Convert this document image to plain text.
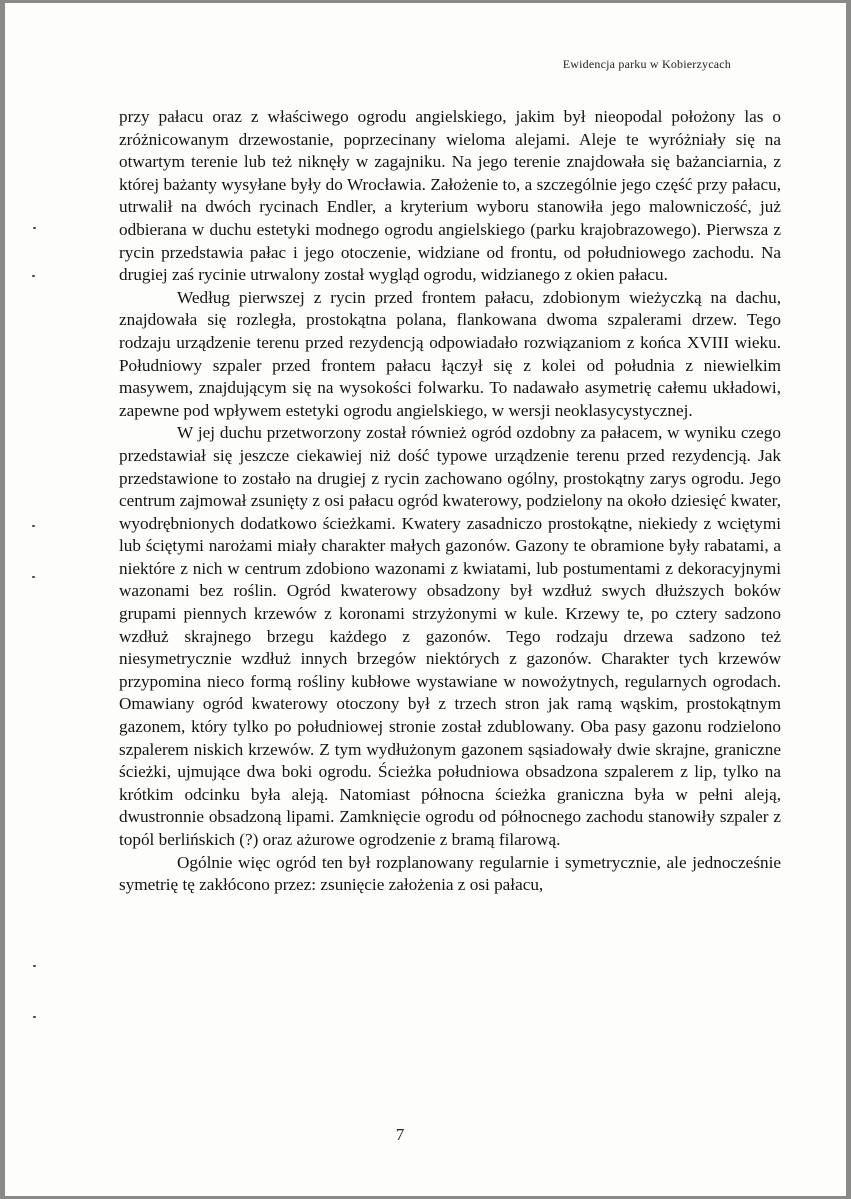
Ewidencja parku w Kobierzycach

przy pałacu oraz z właściwego ogrodu angielskiego, jakim był nieopodal położony las o zróżnicowanym drzewostanie, poprzecinany wieloma alejami. Aleje te wyróżniały się na otwartym terenie lub też niknęły w zagajniku. Na jego terenie znajdowała się bażanciarnia, z której bażanty wysyłane były do Wrocławia. Założenie to, a szczególnie jego część przy pałacu, utrwalił na dwóch rycinach Endler, a kryterium wyboru stanowiła jego malowniczość, już odbierana w duchu estetyki modnego ogrodu angielskiego (parku krajobrazowego). Pierwsza z rycin przedstawia pałac i jego otoczenie, widziane od frontu, od południowego zachodu. Na drugiej zaś rycinie utrwalony został wygląd ogrodu, widzianego z okien pałacu.

Według pierwszej z rycin przed frontem pałacu, zdobionym wieżyczką na dachu, znajdowała się rozległa, prostokątna polana, flankowana dwoma szpalerami drzew. Tego rodzaju urządzenie terenu przed rezydencją odpowiadało rozwiązaniom z końca XVIII wieku. Południowy szpaler przed frontem pałacu łączył się z kolei od południa z niewielkim masywem, znajdującym się na wysokości folwarku. To nadawało asymetrię całemu układowi, zapewne pod wpływem estetyki ogrodu angielskiego, w wersji neoklasycystycznej.

W jej duchu przetworzony został również ogród ozdobny za pałacem, w wyniku czego przedstawiał się jeszcze ciekawiej niż dość typowe urządzenie terenu przed rezydencją. Jak przedstawione to zostało na drugiej z rycin zachowano ogólny, prostokątny zarys ogrodu. Jego centrum zajmował zsunięty z osi pałacu ogród kwaterowy, podzielony na około dziesięć kwater, wyodrębnionych dodatkowo ścieżkami. Kwatery zasadniczo prostokątne, niekiedy z wciętymi lub ściętymi narożami miały charakter małych gazonów. Gazony te obramione były rabatami, a niektóre z nich w centrum zdobiono wazonami z kwiatami, lub postumentami z dekoracyjnymi wazonami bez roślin. Ogród kwaterowy obsadzony był wzdłuż swych dłuższych boków grupami piennych krzewów z koronami strzyżonymi w kule. Krzewy te, po cztery sadzono wzdłuż skrajnego brzegu każdego z gazonów. Tego rodzaju drzewa sadzono też niesymetrycznie wzdłuż innych brzegów niektórych z gazonów. Charakter tych krzewów przypomina nieco formą rośliny kubłowe wystawiane w nowożytnych, regularnych ogrodach. Omawiany ogród kwaterowy otoczony był z trzech stron jak ramą wąskim, prostokątnym gazonem, który tylko po południowej stronie został zdublowany. Oba pasy gazonu rodzielono szpalerem niskich krzewów. Z tym wydłużonym gazonem sąsiadowały dwie skrajne, graniczne ścieżki, ujmujące dwa boki ogrodu. Ścieżka południowa obsadzona szpalerem z lip, tylko na krótkim odcinku była aleją. Natomiast północna ścieżka graniczna była w pełni aleją, dwustronnie obsadzoną lipami. Zamknięcie ogrodu od północnego zachodu stanowiły szpaler z topól berlińskich (?) oraz ażurowe ogrodzenie z bramą filarową.

Ogólnie więc ogród ten był rozplanowany regularnie i symetrycznie, ale jednocześnie symetrię tę zakłócono przez: zsunięcie założenia z osi pałacu,

7
